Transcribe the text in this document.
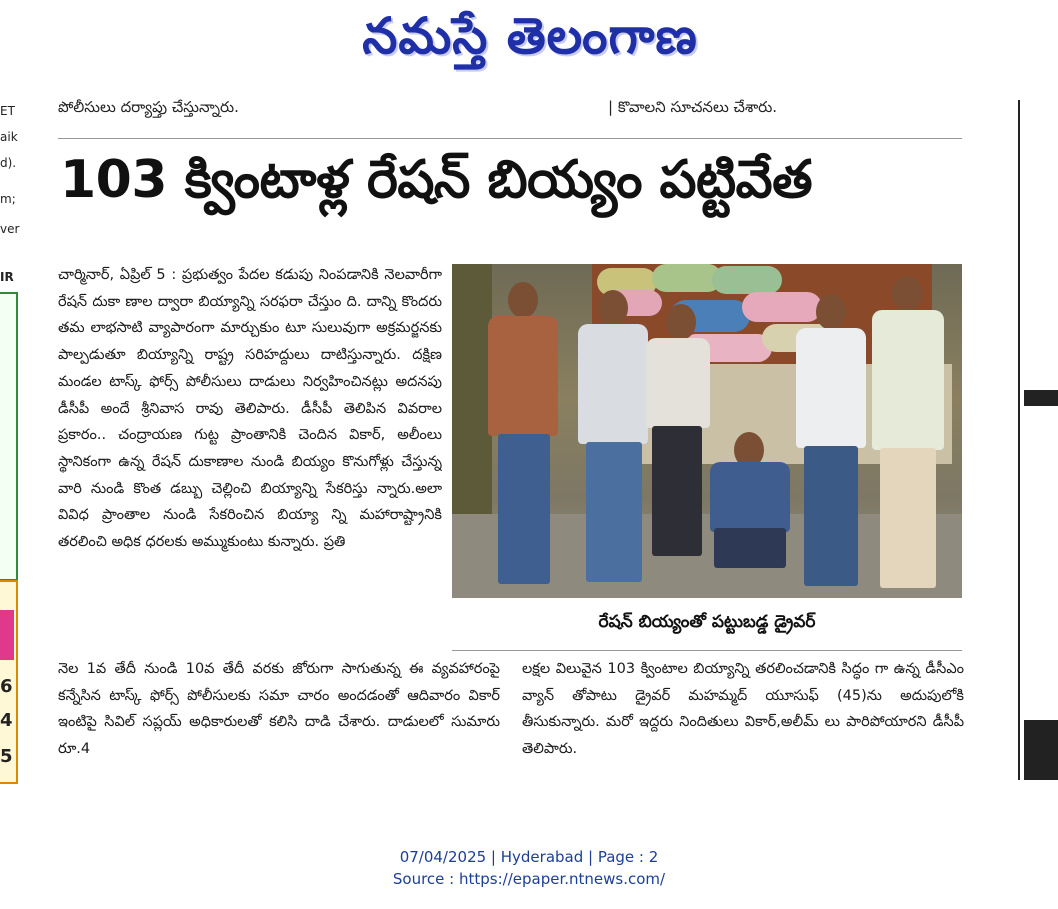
నమస్తే తెలంగాణ
ET
aik
d).
m;
ver
IR
6
4
5
పోలీసులు దర్యాప్తు చేస్తున్నారు.	| కొవాలని సూచనలు చేశారు.
103 క్వింటాళ్ల రేషన్ బియ్యం పట్టివేత
చార్మినార్, ఏప్రిల్ 5 : ప్రభుత్వం పేదల కడుపు నింపడానికి నెలవారీగా రేషన్ దుకా ణాల ద్వారా బియ్యాన్ని సరఫరా చేస్తుం ది. దాన్ని కొందరు తమ లాభసాటి వ్యాపారంగా మార్చుకుం టూ సులువుగా అక్రమర్జనకు పాల్పడుతూ బియ్యాన్ని రాష్ట్ర సరిహద్దులు దాటిస్తున్నారు. దక్షిణ మండల టాస్క్ ఫోర్స్ పోలీసులు దాడులు నిర్వహించినట్లు అదనపు డీసీపీ అందే శ్రీనివాస రావు తెలిపారు. డీసీపీ తెలిపిన వివరాల ప్రకారం.. చంద్రాయణ గుట్ట ప్రాంతానికి చెందిన వికార్, అలీంలు స్థానికంగా ఉన్న రేషన్ దుకాణాల నుండి బియ్యం కొనుగోళ్లు చేస్తున్న వారి నుండి కొంత డబ్బు చెల్లించి బియ్యాన్ని సేకరిస్తు న్నారు.అలా వివిధ ప్రాంతాల నుండి సేకరించిన బియ్యా న్ని మహారాష్ట్రానికి తరలించి అధిక ధరలకు అమ్ముకుంటు కున్నారు. ప్రతి
రేషన్ బియ్యంతో పట్టుబడ్డ డ్రైవర్
నెల 1వ తేదీ నుండి 10వ తేదీ వరకు జోరుగా సాగుతున్న ఈ వ్యవహారంపై కన్నేసిన టాస్క్ ఫోర్స్ పోలీసులకు సమా చారం అందడంతో ఆదివారం వికార్ ఇంటిపై సివిల్ సప్లయ్ అధికారులతో కలిసి దాడి చేశారు. దాడులలో సుమారు రూ.4
లక్షల విలువైన 103 క్వింటాల బియ్యాన్ని తరలించడానికి సిద్ధం గా ఉన్న డీసీఎం వ్యాన్ తోపాటు డ్రైవర్ మహమ్మద్ యూసుఫ్ (45)ను అదుపులోకి తీసుకున్నారు. మరో ఇద్దరు నిందితులు వికార్,అలీమ్ లు పారిపోయారని డీసీపీ తెలిపారు.
07/04/2025 | Hyderabad | Page : 2
Source : https://epaper.ntnews.com/
